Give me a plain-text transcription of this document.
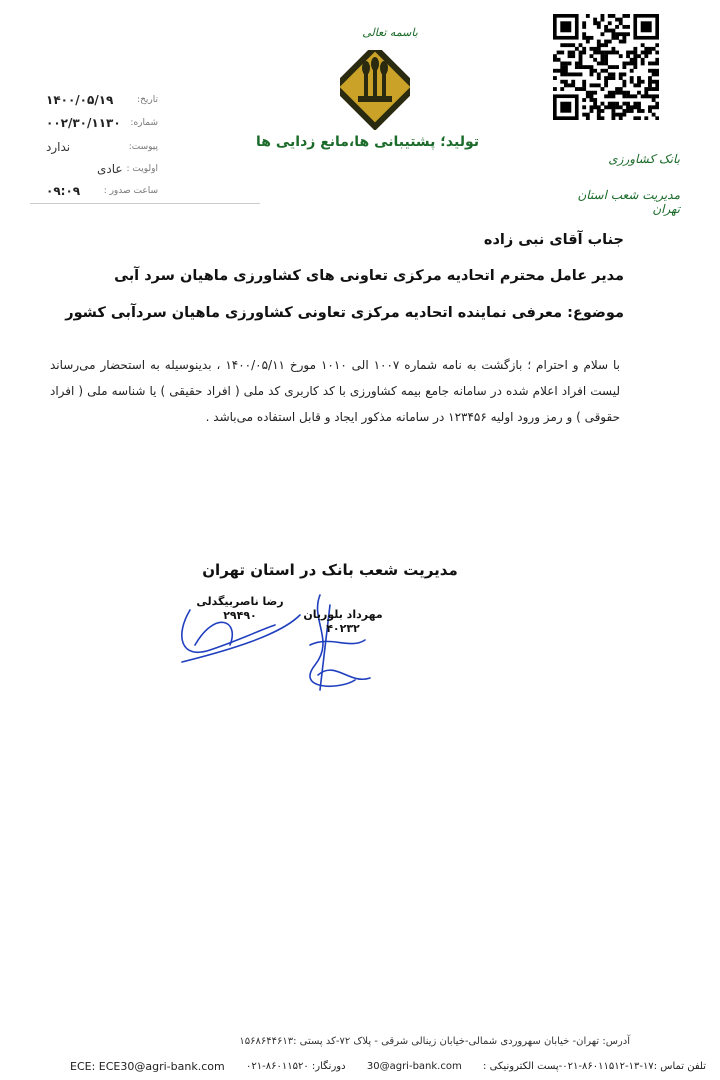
باسمه تعالی
تولید؛ پشتیبانی ها،مانع زدایی ها
بانک کشاورزی
مدیریت شعب استان تهران
تاریخ:
۱۴۰۰/۰۵/۱۹
شماره:
۰۰۲/۳۰/۱۱۳۰
پیوست:
ندارد
اولویت :
عادی
ساعت صدور :
۰۹:۰۹
جناب آقای نبی زاده
مدیر عامل محترم اتحادیه مرکزی تعاونی های کشاورزی ماهیان سرد آبی
موضوع: معرفی نماینده اتحادیه مرکزی تعاونی کشاورزی ماهیان سردآبی کشور

با سلام و احترام ؛ بازگشت به نامه شماره ۱۰۰۷ الی ۱۰۱۰ مورخ ۱۴۰۰/۰۵/۱۱ ، بدینوسیله به استحضار می‌رساند لیست افراد اعلام شده در سامانه جامع بیمه کشاورزی با کد کاربری کد ملی ( افراد حقیقی ) یا شناسه ملی ( افراد حقوقی ) و رمز ورود اولیه ۱۲۳۴۵۶ در سامانه مذکور ایجاد و قابل استفاده می‌باشد .

مدیریت شعب بانک در استان تهران
رضا ناصربیگدلی
۲۹۴۹۰	مهرداد بلوریان
۴۰۲۳۲
آدرس: تهران- خیابان سهروردی شمالی-خیابان زینالی شرقی - پلاک ۷۲-کد پستی :۱۵۶۸۶۴۴۶۱۳
تلفن تماس :۱۷-۱۳-۸۶۰۱۱۵۱۲-۰۲۱-پست الکترونیکی :
30@agri-bank.com
دورنگار: ۸۶۰۱۱۵۲۰-۰۲۱
ECE: ECE30@agri-bank.com
